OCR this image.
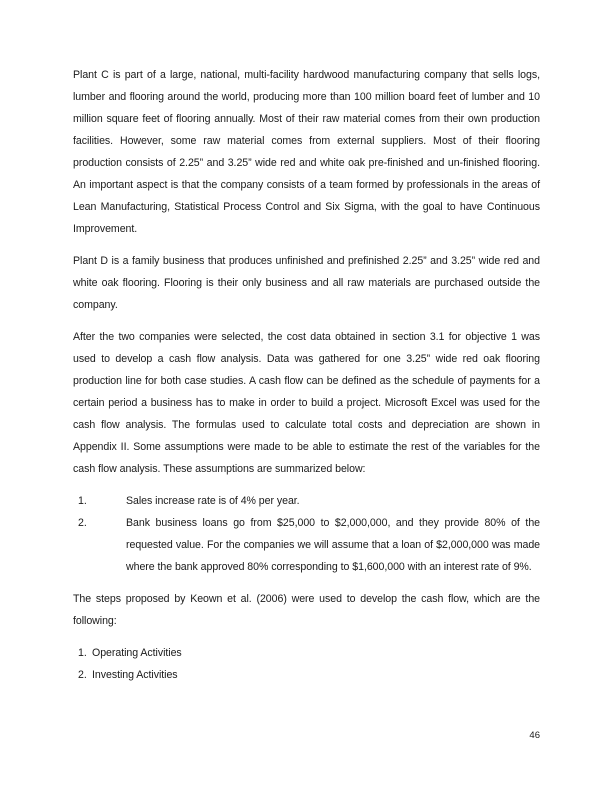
Plant C is part of a large, national, multi-facility hardwood manufacturing company that sells logs, lumber and flooring around the world, producing more than 100 million board feet of lumber and 10 million square feet of flooring annually. Most of their raw material comes from their own production facilities. However, some raw material comes from external suppliers. Most of their flooring production consists of 2.25” and 3.25” wide red and white oak pre-finished and un-finished flooring. An important aspect is that the company consists of a team formed by professionals in the areas of Lean Manufacturing, Statistical Process Control and Six Sigma, with the goal to have Continuous Improvement.

Plant D is a family business that produces unfinished and prefinished 2.25” and 3.25” wide red and white oak flooring. Flooring is their only business and all raw materials are purchased outside the company.

After the two companies were selected, the cost data obtained in section 3.1 for objective 1 was used to develop a cash flow analysis. Data was gathered for one 3.25” wide red oak flooring production line for both case studies. A cash flow can be defined as the schedule of payments for a certain period a business has to make in order to build a project. Microsoft Excel was used for the cash flow analysis. The formulas used to calculate total costs and depreciation are shown in Appendix II. Some assumptions were made to be able to estimate the rest of the variables for the cash flow analysis. These assumptions are summarized below:

1.	Sales increase rate is of 4% per year.
2.	Bank business loans go from $25,000 to $2,000,000, and they provide 80% of the requested value. For the companies we will assume that a loan of $2,000,000 was made where the bank approved 80% corresponding to $1,600,000 with an interest rate of 9%.

The steps proposed by Keown et al. (2006) were used to develop the cash flow, which are the following:

1. Operating Activities
2. Investing Activities
46
